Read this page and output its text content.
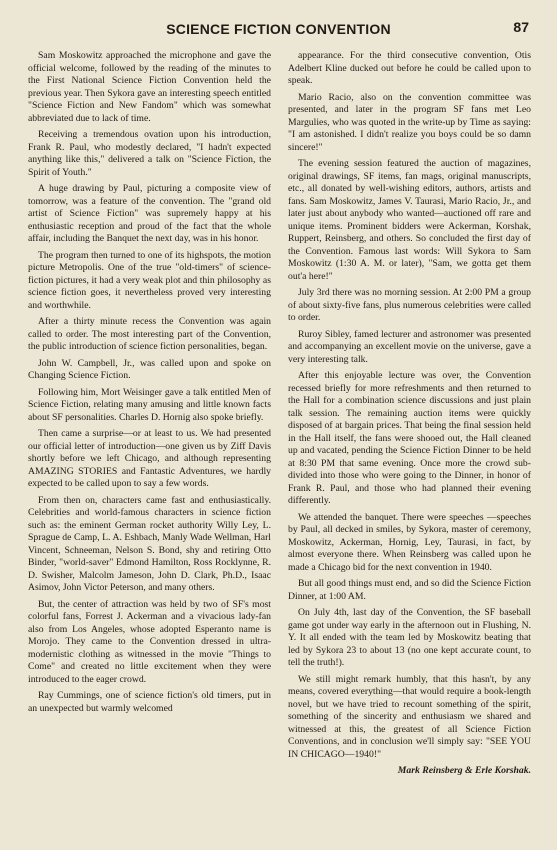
SCIENCE FICTION CONVENTION	87

Sam Moskowitz approached the microphone and gave the official welcome, followed by the reading of the minutes to the First National Science Fiction Convention held the previous year. Then Sykora gave an interesting speech entitled "Science Fiction and New Fandom" which was somewhat abbreviated due to lack of time.

Receiving a tremendous ovation upon his introduction, Frank R. Paul, who modestly declared, "I hadn't expected anything like this," delivered a talk on "Science Fiction, the Spirit of Youth."

A huge drawing by Paul, picturing a composite view of tomorrow, was a feature of the convention. The "grand old artist of Science Fiction" was supremely happy at his enthusiastic reception and proud of the fact that the whole affair, including the Banquet the next day, was in his honor.

The program then turned to one of its highspots, the motion picture Metropolis. One of the true "old-timers" of science-fiction pictures, it had a very weak plot and thin philosophy as science fiction goes, it nevertheless proved very interesting and worthwhile.

After a thirty minute recess the Convention was again called to order. The most interesting part of the Convention, the public introduction of science fiction personalities, began.

John W. Campbell, Jr., was called upon and spoke on Changing Science Fiction.

Following him, Mort Weisinger gave a talk entitled Men of Science Fiction, relating many amusing and little known facts about SF personalities. Charles D. Hornig also spoke briefly.

Then came a surprise—or at least to us. We had presented our official letter of introduction—one given us by Ziff Davis shortly before we left Chicago, and although representing AMAZING STORIES and Fantastic Adventures, we hardly expected to be called upon to say a few words.

From then on, characters came fast and enthusiastically. Celebrities and world-famous characters in science fiction such as: the eminent German rocket authority Willy Ley, L. Sprague de Camp, L. A. Eshbach, Manly Wade Wellman, Harl Vincent, Schneeman, Nelson S. Bond, shy and retiring Otto Binder, "world-saver" Edmond Hamilton, Ross Rocklynne, R. D. Swisher, Malcolm Jameson, John D. Clark, Ph.D., Isaac Asimov, John Victor Peterson, and many others.

But, the center of attraction was held by two of SF's most colorful fans, Forrest J. Ackerman and a vivacious lady-fan also from Los Angeles, whose adopted Esperanto name is Morojo. They came to the Convention dressed in ultra-modernistic clothing as witnessed in the movie "Things to Come" and created no little excitement when they were introduced to the eager crowd.

Ray Cummings, one of science fiction's old timers, put in an unexpected but warmly welcomed

appearance. For the third consecutive convention, Otis Adelbert Kline ducked out before he could be called upon to speak.

Mario Racio, also on the convention committee was presented, and later in the program SF fans met Leo Margulies, who was quoted in the write-up by Time as saying: "I am astonished. I didn't realize you boys could be so damn sincere!"

The evening session featured the auction of magazines, original drawings, SF items, fan mags, original manuscripts, etc., all donated by well-wishing editors, authors, artists and fans. Sam Moskowitz, James V. Taurasi, Mario Racio, Jr., and later just about anybody who wanted—auctioned off rare and unique items. Prominent bidders were Ackerman, Korshak, Ruppert, Reinsberg, and others. So concluded the first day of the Convention. Famous last words: Will Sykora to Sam Moskowitz (1:30 A. M. or later), "Sam, we gotta get them out'a here!"

July 3rd there was no morning session. At 2:00 PM a group of about sixty-five fans, plus numerous celebrities were called to order.

Ruroy Sibley, famed lecturer and astronomer was presented and accompanying an excellent movie on the universe, gave a very interesting talk.

After this enjoyable lecture was over, the Convention recessed briefly for more refreshments and then returned to the Hall for a combination science discussions and just plain talk session. The remaining auction items were quickly disposed of at bargain prices. That being the final session held in the Hall itself, the fans were shooed out, the Hall cleaned up and vacated, pending the Science Fiction Dinner to be held at 8:30 PM that same evening. Once more the crowd sub-divided into those who were going to the Dinner, in honor of Frank R. Paul, and those who had planned their evening differently.

We attended the banquet. There were speeches —speeches by Paul, all decked in smiles, by Sykora, master of ceremony, Moskowitz, Ackerman, Hornig, Ley, Taurasi, in fact, by almost everyone there. When Reinsberg was called upon he made a Chicago bid for the next convention in 1940.

But all good things must end, and so did the Science Fiction Dinner, at 1:00 AM.

On July 4th, last day of the Convention, the SF baseball game got under way early in the afternoon out in Flushing, N. Y. It all ended with the team led by Moskowitz beating that led by Sykora 23 to about 13 (no one kept accurate count, to tell the truth!).

We still might remark humbly, that this hasn't, by any means, covered everything—that would require a book-length novel, but we have tried to recount something of the spirit, something of the sincerity and enthusiasm we shared and witnessed at this, the greatest of all Science Fiction Conventions, and in conclusion we'll simply say: "SEE YOU IN CHICAGO—1940!"

Mark Reinsberg & Erle Korshak.
